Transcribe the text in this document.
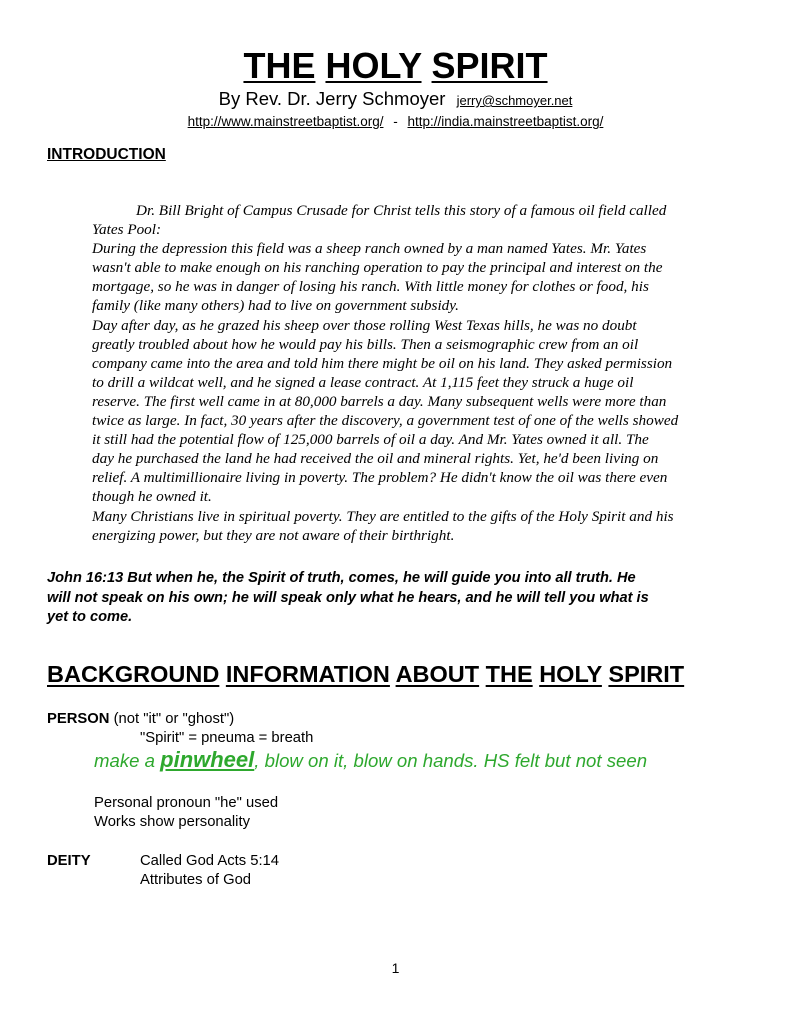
THE HOLY SPIRIT
By Rev. Dr. Jerry Schmoyer jerry@schmoyer.net
http://www.mainstreetbaptist.org/ - http://india.mainstreetbaptist.org/
INTRODUCTION

Dr. Bill Bright of Campus Crusade for Christ tells this story of a famous oil field called

Yates Pool:

During the depression this field was a sheep ranch owned by a man named Yates. Mr. Yates

wasn't able to make enough on his ranching operation to pay the principal and interest on the

mortgage, so he was in danger of losing his ranch. With little money for clothes or food, his

family (like many others) had to live on government subsidy.

Day after day, as he grazed his sheep over those rolling West Texas hills, he was no doubt

greatly troubled about how he would pay his bills. Then a seismographic crew from an oil

company came into the area and told him there might be oil on his land. They asked permission

to drill a wildcat well, and he signed a lease contract. At 1,115 feet they struck a huge oil

reserve. The first well came in at 80,000 barrels a day. Many subsequent wells were more than

twice as large. In fact, 30 years after the discovery, a government test of one of the wells showed

it still had the potential flow of 125,000 barrels of oil a day. And Mr. Yates owned it all. The

day he purchased the land he had received the oil and mineral rights. Yet, he'd been living on

relief. A multimillionaire living in poverty. The problem? He didn't know the oil was there even

though he owned it.

Many Christians live in spiritual poverty. They are entitled to the gifts of the Holy Spirit and his

energizing power, but they are not aware of their birthright.

John 16:13 But when he, the Spirit of truth, comes, he will guide you into all truth. He
will not speak on his own; he will speak only what he hears, and he will tell you what is
yet to come.
BACKGROUND INFORMATION ABOUT THE HOLY SPIRIT
PERSON (not "it" or "ghost")
"Spirit" = pneuma = breath
make a pinwheel, blow on it, blow on hands. HS felt but not seen
Personal pronoun "he" used
Works show personality
DEITY	Called God Acts 5:14
Attributes of God
1
